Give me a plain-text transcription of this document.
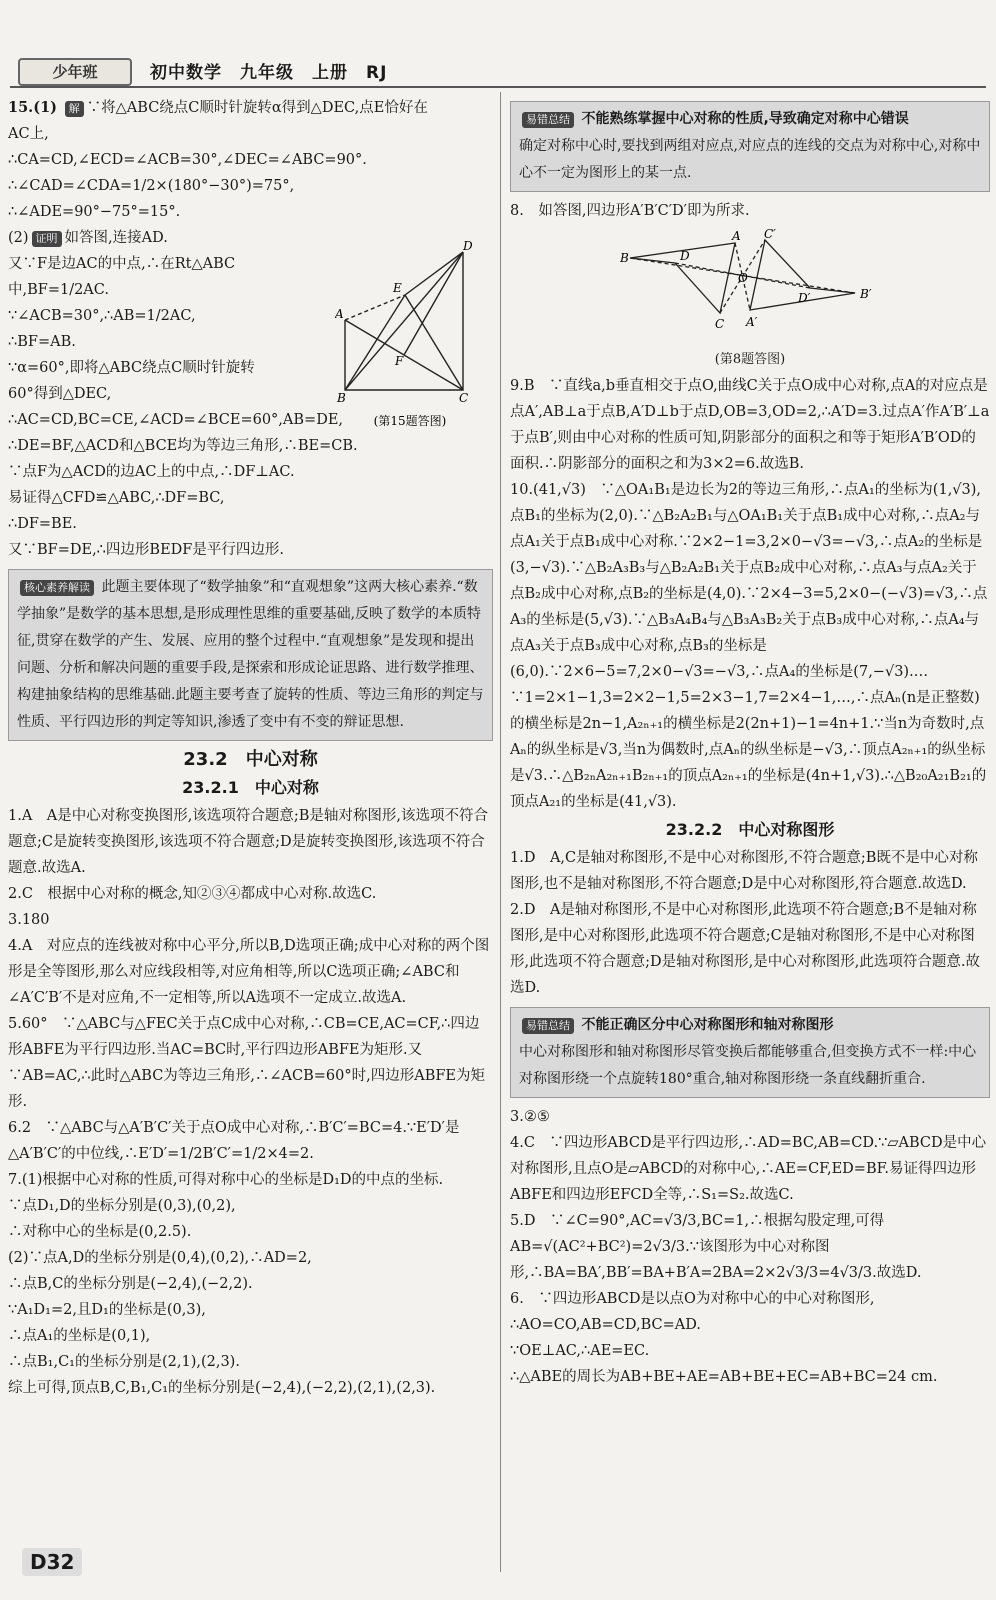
少年班	初中数学　九年级　上册　RJ
15.(1) 解 ∵将△ABC绕点C顺时针旋转α得到△DEC,点E恰好在
AC上,
∴CA=CD,∠ECD=∠ACB=30°,∠DEC=∠ABC=90°.
∴∠CAD=∠CDA=1/2×(180°−30°)=75°,
∴∠ADE=90°−75°=15°.
(2) 证明 如答图,连接AD.
又∵F是边AC的中点,∴在Rt△ABC
中,BF=1/2AC.
∵∠ACB=30°,∴AB=1/2AC,
∴BF=AB.
∵α=60°,即将△ABC绕点C顺时针旋转
60°得到△DEC,
∴AC=CD,BC=CE,∠ACD=∠BCE=60°,AB=DE,
∴DE=BF,△ACD和△BCE均为等边三角形,∴BE=CB.
∵点F为△ACD的边AC上的中点,∴DF⊥AC.
易证得△CFD≌△ABC,∴DF=BC,
∴DF=BE.
又∵BF=DE,∴四边形BEDF是平行四边形.
核心素养解读 此题主要体现了“数学抽象”和“直观想象”这两大核心素养.“数学抽象”是数学的基本思想,是形成理性思维的重要基础,反映了数学的本质特征,贯穿在数学的产生、发展、应用的整个过程中.“直观想象”是发现和提出问题、分析和解决问题的重要手段,是探索和形成论证思路、进行数学推理、构建抽象结构的思维基础.此题主要考查了旋转的性质、等边三角形的判定与性质、平行四边形的判定等知识,渗透了变中有不变的辩证思想.
23.2　中心对称
23.2.1　中心对称
1.A　A是中心对称变换图形,该选项符合题意;B是轴对称图形,该选项不符合题意;C是旋转变换图形,该选项不符合题意;D是旋转变换图形,该选项不符合题意.故选A.
2.C　根据中心对称的概念,知②③④都成中心对称.故选C.
3.180
4.A　对应点的连线被对称中心平分,所以B,D选项正确;成中心对称的两个图形是全等图形,那么对应线段相等,对应角相等,所以C选项正确;∠ABC和∠A′C′B′不是对应角,不一定相等,所以A选项不一定成立.故选A.
5.60°　∵△ABC与△FEC关于点C成中心对称,∴CB=CE,AC=CF,∴四边形ABFE为平行四边形.当AC=BC时,平行四边形ABFE为矩形.又∵AB=AC,∴此时△ABC为等边三角形,∴∠ACB=60°时,四边形ABFE为矩形.
6.2　∵△ABC与△A′B′C′关于点O成中心对称,∴B′C′=BC=4.∵E′D′是△A′B′C′的中位线,∴E′D′=1/2B′C′=1/2×4=2.
7.(1)根据中心对称的性质,可得对称中心的坐标是D₁D的中点的坐标.
∵点D₁,D的坐标分别是(0,3),(0,2),
∴对称中心的坐标是(0,2.5).
(2)∵点A,D的坐标分别是(0,4),(0,2),∴AD=2,
∴点B,C的坐标分别是(−2,4),(−2,2).
∵A₁D₁=2,且D₁的坐标是(0,3),
∴点A₁的坐标是(0,1),
∴点B₁,C₁的坐标分别是(2,1),(2,3).
综上可得,顶点B,C,B₁,C₁的坐标分别是(−2,4),(−2,2),(2,1),(2,3).
A
B	C
D
E
F
(第15题答图)
易错总结 不能熟练掌握中心对称的性质,导致确定对称中心错误
确定对称中心时,要找到两组对应点,对应点的连线的交点为对称中心,对称中心不一定为图形上的某一点.
8.　如答图,四边形A′B′C′D′即为所求.
B
A
C
D
O
B′
A′
C′
D′
(第8题答图)
9.B　∵直线a,b垂直相交于点O,曲线C关于点O成中心对称,点A的对应点是点A′,AB⊥a于点B,A′D⊥b于点D,OB=3,OD=2,∴A′D=3.过点A′作A′B′⊥a于点B′,则由中心对称的性质可知,阴影部分的面积之和等于矩形A′B′OD的面积.∴阴影部分的面积之和为3×2=6.故选B.
10.(41,√3)　∵△OA₁B₁是边长为2的等边三角形,∴点A₁的坐标为(1,√3),点B₁的坐标为(2,0).∵△B₂A₂B₁与△OA₁B₁关于点B₁成中心对称,∴点A₂与点A₁关于点B₁成中心对称.∵2×2−1=3,2×0−√3=−√3,∴点A₂的坐标是(3,−√3).∵△B₂A₃B₃与△B₂A₂B₁关于点B₂成中心对称,∴点A₃与点A₂关于点B₂成中心对称,点B₂的坐标是(4,0).∵2×4−3=5,2×0−(−√3)=√3,∴点A₃的坐标是(5,√3).∵△B₃A₄B₄与△B₃A₃B₂关于点B₃成中心对称,∴点A₄与点A₃关于点B₃成中心对称,点B₃的坐标是(6,0).∵2×6−5=7,2×0−√3=−√3,∴点A₄的坐标是(7,−√3).…∵1=2×1−1,3=2×2−1,5=2×3−1,7=2×4−1,…,∴点Aₙ(n是正整数)的横坐标是2n−1,A₂ₙ₊₁的横坐标是2(2n+1)−1=4n+1.∵当n为奇数时,点Aₙ的纵坐标是√3,当n为偶数时,点Aₙ的纵坐标是−√3,∴顶点A₂ₙ₊₁的纵坐标是√3.∴△B₂ₙA₂ₙ₊₁B₂ₙ₊₁的顶点A₂ₙ₊₁的坐标是(4n+1,√3).∴△B₂₀A₂₁B₂₁的顶点A₂₁的坐标是(41,√3).
23.2.2　中心对称图形
1.D　A,C是轴对称图形,不是中心对称图形,不符合题意;B既不是中心对称图形,也不是轴对称图形,不符合题意;D是中心对称图形,符合题意.故选D.
2.D　A是轴对称图形,不是中心对称图形,此选项不符合题意;B不是轴对称图形,是中心对称图形,此选项不符合题意;C是轴对称图形,不是中心对称图形,此选项不符合题意;D是轴对称图形,是中心对称图形,此选项符合题意.故选D.
易错总结 不能正确区分中心对称图形和轴对称图形
中心对称图形和轴对称图形尽管变换后都能够重合,但变换方式不一样:中心对称图形绕一个点旋转180°重合,轴对称图形绕一条直线翻折重合.
3.②⑤
4.C　∵四边形ABCD是平行四边形,∴AD=BC,AB=CD.∵▱ABCD是中心对称图形,且点O是▱ABCD的对称中心,∴AE=CF,ED=BF.易证得四边形ABFE和四边形EFCD全等,∴S₁=S₂.故选C.
5.D　∵∠C=90°,AC=√3/3,BC=1,∴根据勾股定理,可得AB=√(AC²+BC²)=2√3/3.∵该图形为中心对称图形,∴BA=BA′,BB′=BA+B′A=2BA=2×2√3/3=4√3/3.故选D.
6.　∵四边形ABCD是以点O为对称中心的中心对称图形,
∴AO=CO,AB=CD,BC=AD.
∵OE⊥AC,∴AE=EC.
∴△ABE的周长为AB+BE+AE=AB+BE+EC=AB+BC=24 cm.
D32
